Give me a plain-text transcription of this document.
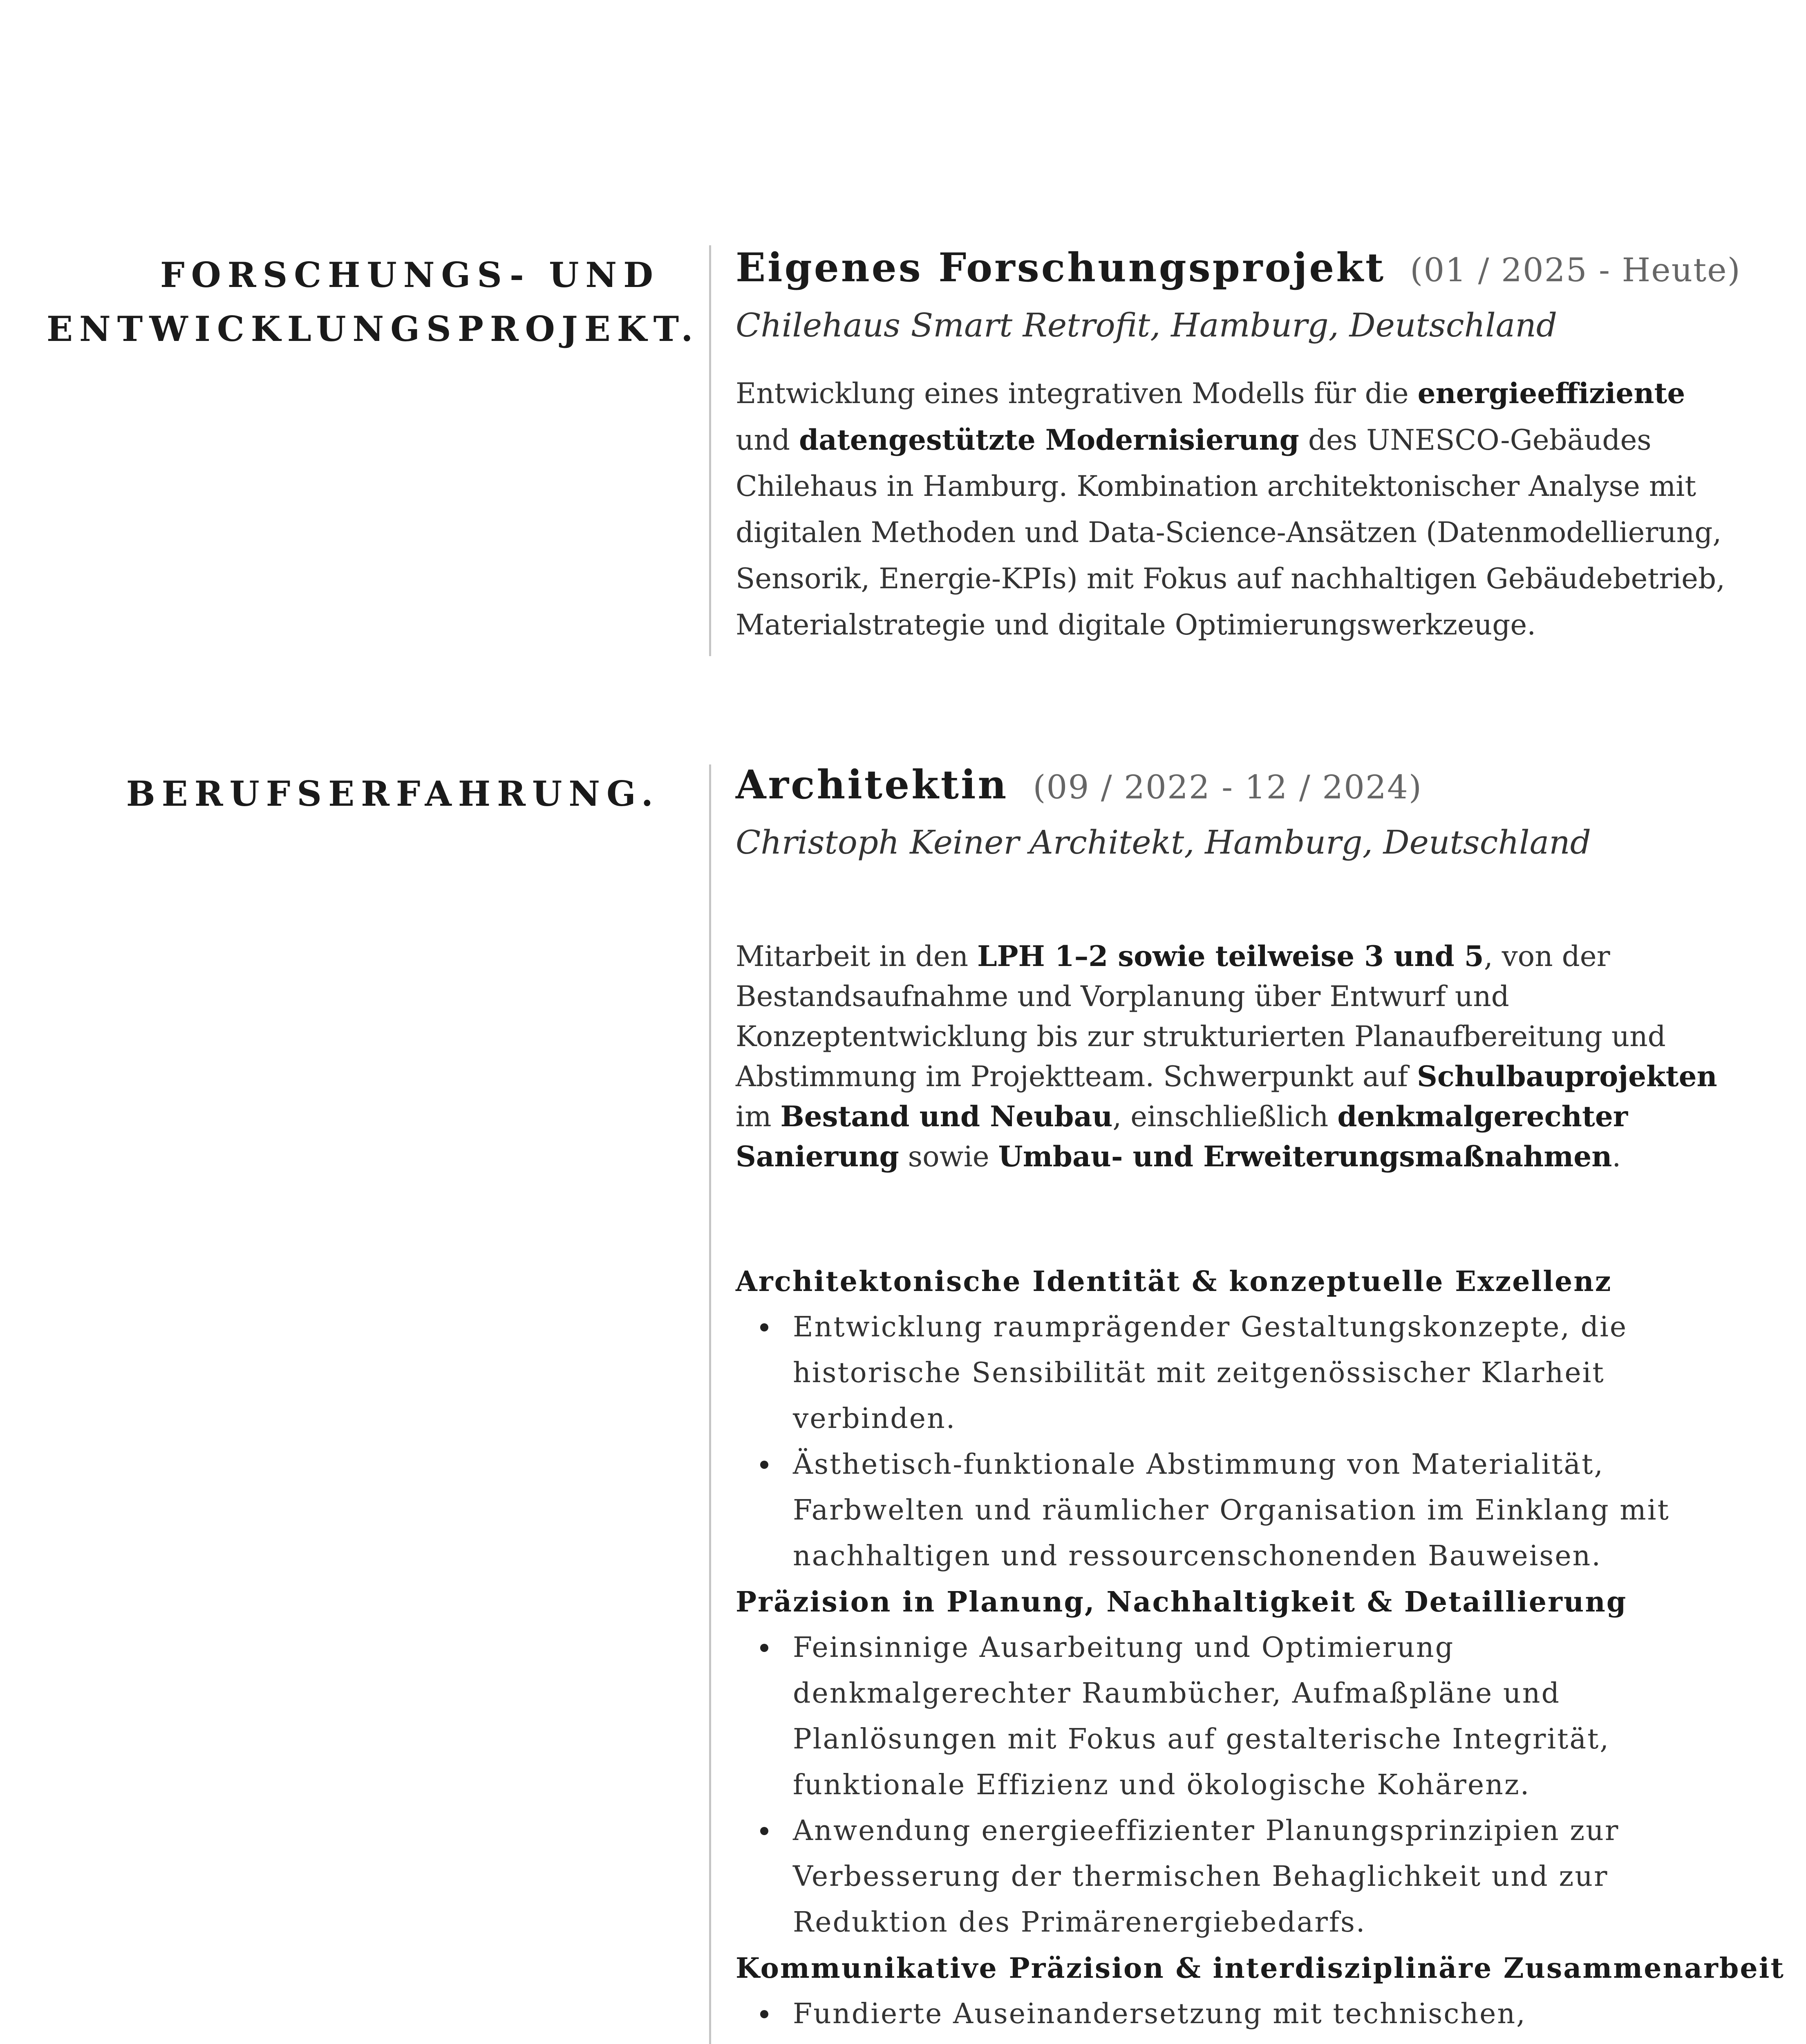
FORSCHUNGS- UND
ENTWICKLUNGSPROJEKT.
Eigenes Forschungsprojekt (01 / 2025 - Heute)
Chilehaus Smart Retrofit, Hamburg, Deutschland

Entwicklung eines integrativen Modells für die energieeffiziente und datengestützte Modernisierung des UNESCO-Gebäudes Chilehaus in Hamburg. Kombination architektonischer Analyse mit digitalen Methoden und Data-Science-Ansätzen (Datenmodellierung, Sensorik, Energie-KPIs) mit Fokus auf nachhaltigen Gebäudebetrieb, Materialstrategie und digitale Optimierungswerkzeuge.

BERUFSERFAHRUNG. Architektin (09 / 2022 - 12 / 2024)
Christoph Keiner Architekt, Hamburg, Deutschland

Mitarbeit in den LPH 1–2 sowie teilweise 3 und 5, von der Bestandsaufnahme und Vorplanung über Entwurf und Konzeptentwicklung bis zur strukturierten Planaufbereitung und Abstimmung im Projektteam. Schwerpunkt auf Schulbauprojekten im Bestand und Neubau, einschließlich denkmalgerechter Sanierung sowie Umbau- und Erweiterungsmaßnahmen.

Architektonische Identität & konzeptuelle Exzellenz
Entwicklung raumprägender Gestaltungskonzepte, die historische Sensibilität mit zeitgenössischer Klarheit verbinden.
Ästhetisch-funktionale Abstimmung von Materialität, Farbwelten und räumlicher Organisation im Einklang mit nachhaltigen und ressourcenschonenden Bauweisen.
Präzision in Planung, Nachhaltigkeit & Detaillierung
Feinsinnige Ausarbeitung und Optimierung denkmalgerechter Raumbücher, Aufmaßpläne und Planlösungen mit Fokus auf gestalterische Integrität, funktionale Effizienz und ökologische Kohärenz.
Anwendung energieeffizienter Planungsprinzipien zur Verbesserung der thermischen Behaglichkeit und zur Reduktion des Primärenergiebedarfs.
Kommunikative Präzision & interdisziplinäre Zusammenarbeit
Fundierte Auseinandersetzung mit technischen,
